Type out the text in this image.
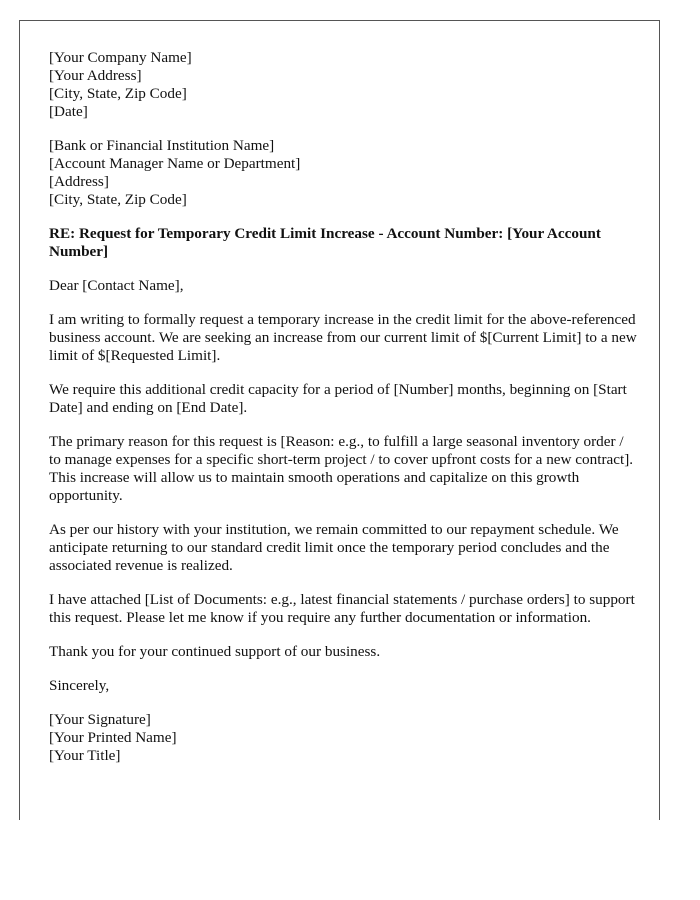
[Your Company Name]
[Your Address]
[City, State, Zip Code]
[Date]
[Bank or Financial Institution Name]
[Account Manager Name or Department]
[Address]
[City, State, Zip Code]

RE: Request for Temporary Credit Limit Increase - Account Number: [Your Account Number]

Dear [Contact Name],

I am writing to formally request a temporary increase in the credit limit for the above-referenced business account. We are seeking an increase from our current limit of $[Current Limit] to a new limit of $[Requested Limit].

We require this additional credit capacity for a period of [Number] months, beginning on [Start Date] and ending on [End Date].

The primary reason for this request is [Reason: e.g., to fulfill a large seasonal inventory order / to manage expenses for a specific short-term project / to cover upfront costs for a new contract]. This increase will allow us to maintain smooth operations and capitalize on this growth opportunity.

As per our history with your institution, we remain committed to our repayment schedule. We anticipate returning to our standard credit limit once the temporary period concludes and the associated revenue is realized.

I have attached [List of Documents: e.g., latest financial statements / purchase orders] to support this request. Please let me know if you require any further documentation or information.

Thank you for your continued support of our business.

Sincerely,

[Your Signature]
[Your Printed Name]
[Your Title]
